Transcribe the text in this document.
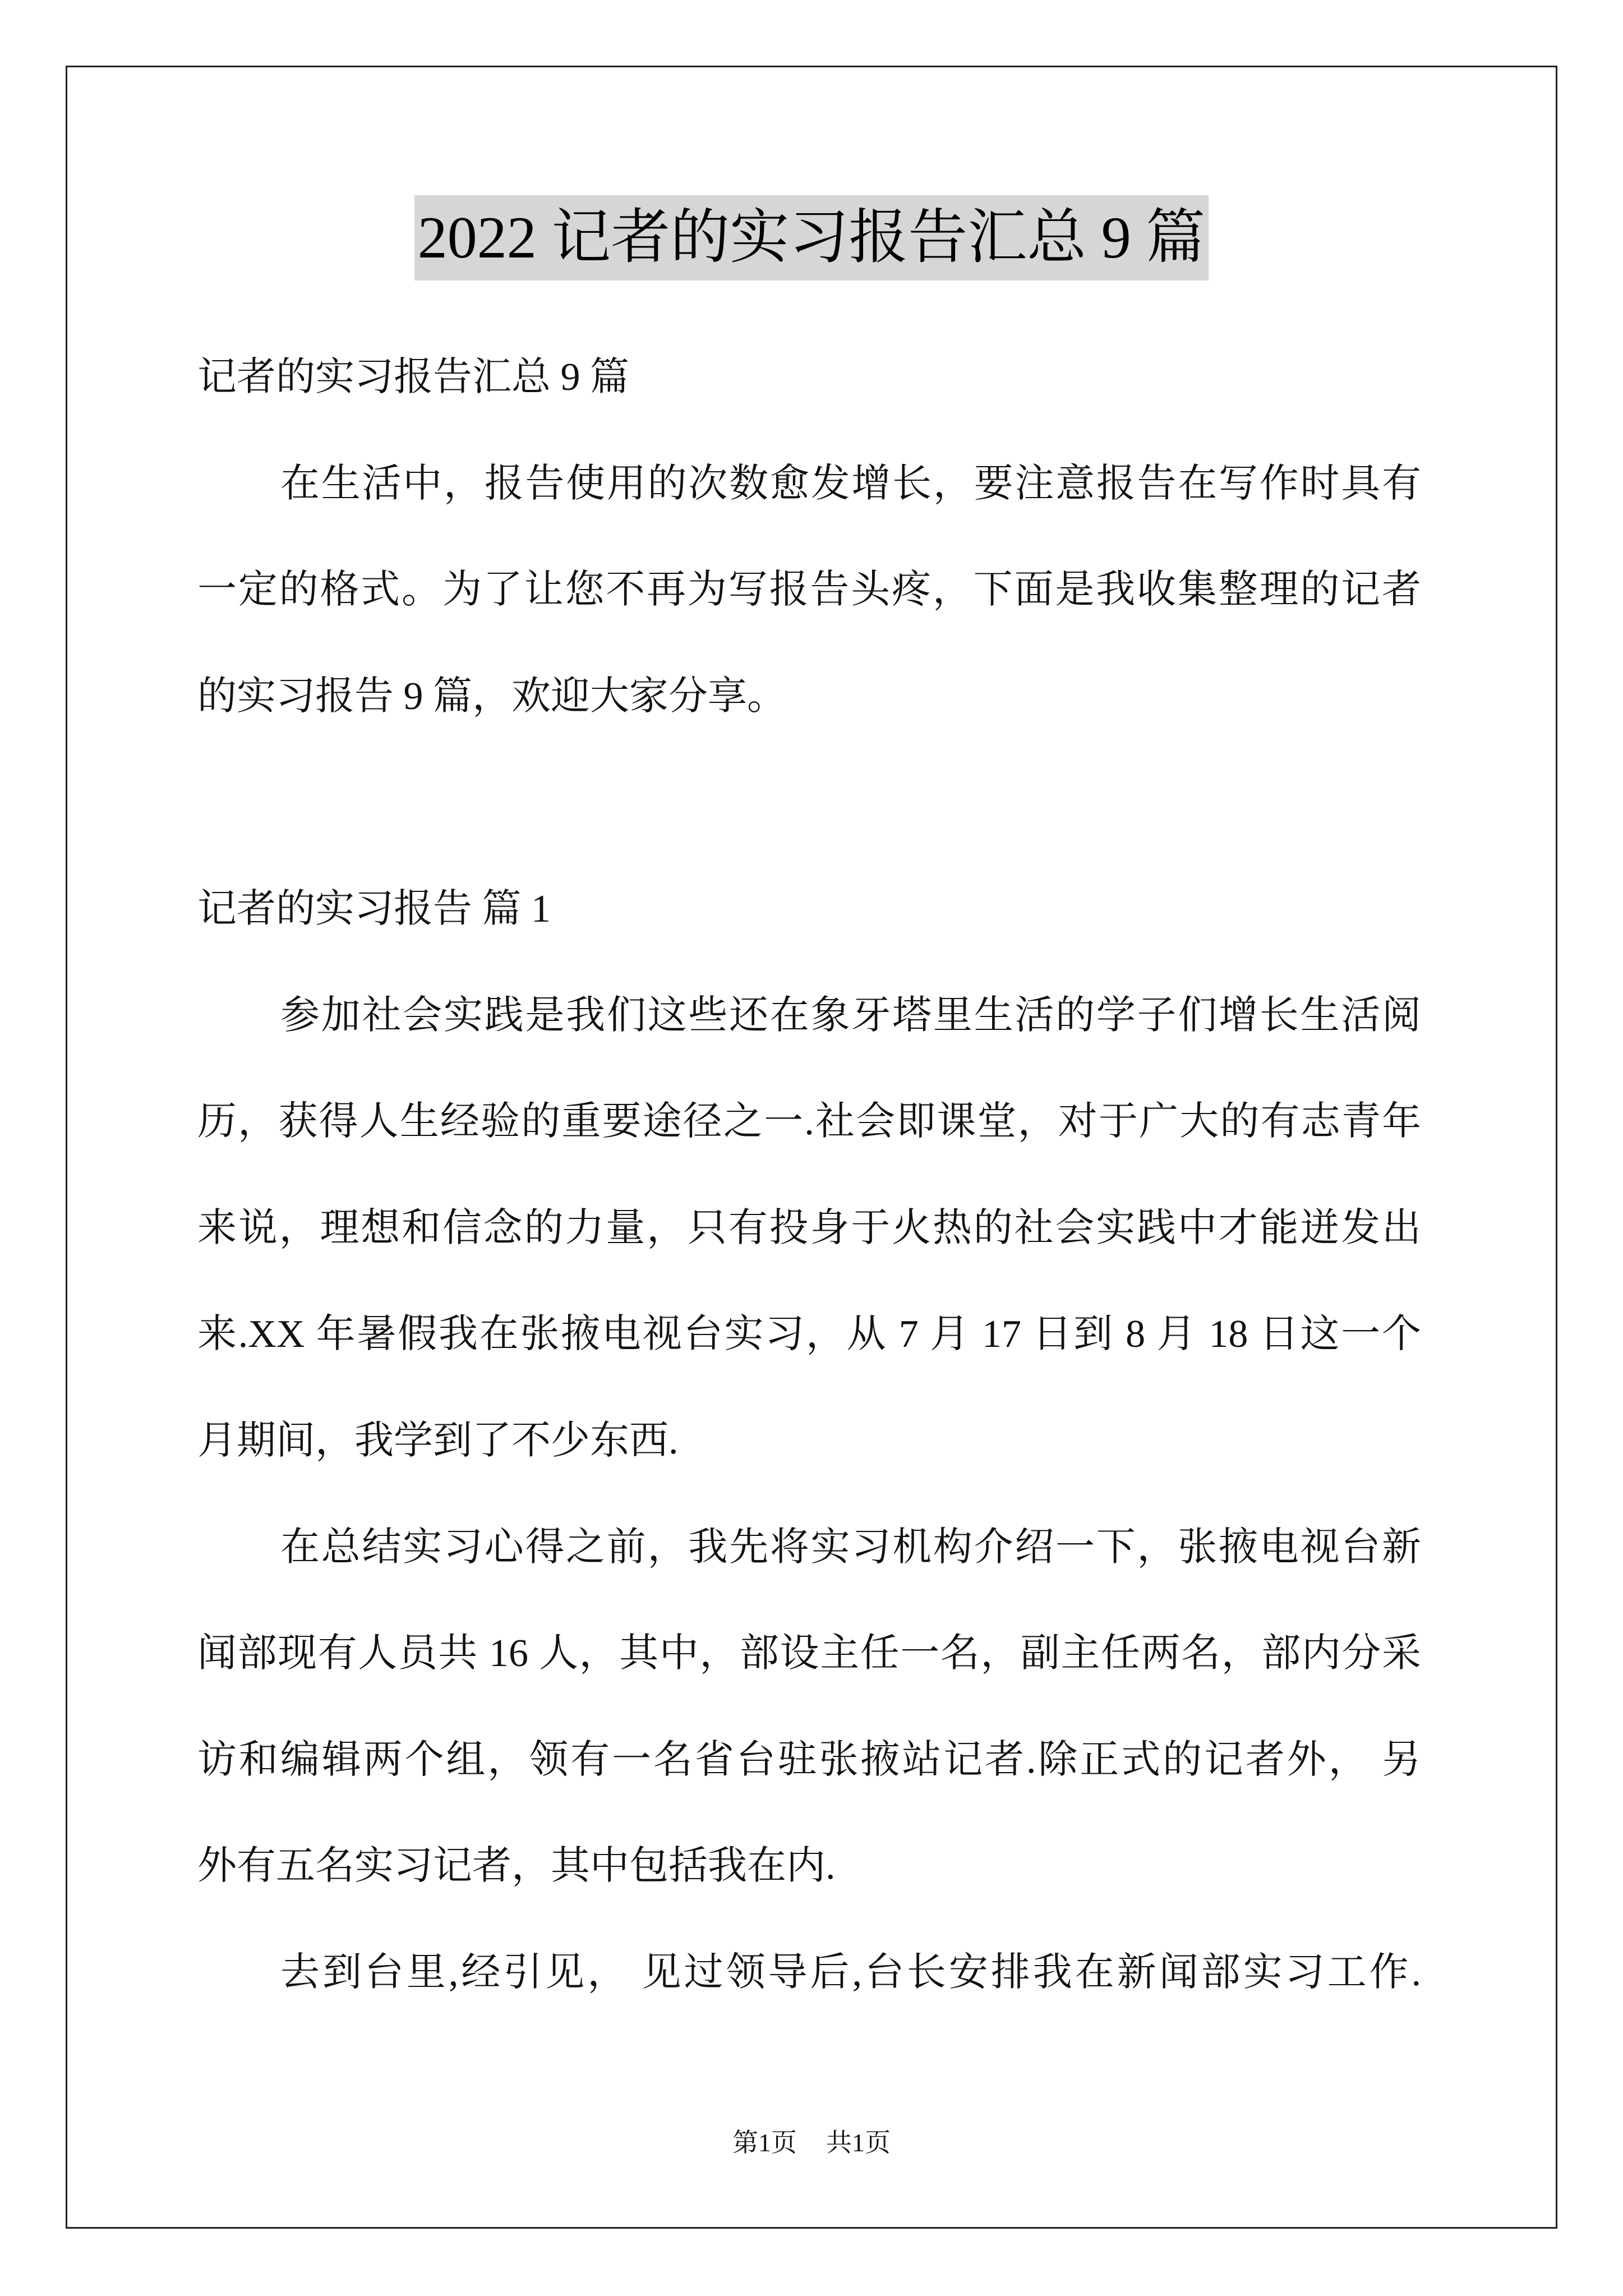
2022 记者的实习报告汇总 9 篇
记者的实习报告汇总 9 篇
在生活中，报告使用的次数愈发增长，要注意报告在写作时具有
一定的格式。为了让您不再为写报告头疼，下面是我收集整理的记者
的实习报告 9 篇，欢迎大家分享。
记者的实习报告 篇 1
参加社会实践是我们这些还在象牙塔里生活的学子们增长生活阅
历，获得人生经验的重要途径之一.社会即课堂，对于广大的有志青年
来说，理想和信念的力量，只有投身于火热的社会实践中才能迸发出
来.XX 年暑假我在张掖电视台实习，从 7 月 17 日到 8 月 18 日这一个
月期间，我学到了不少东西.
在总结实习心得之前，我先将实习机构介绍一下，张掖电视台新
闻部现有人员共 16 人，其中，部设主任一名，副主任两名，部内分采
访和编辑两个组，领有一名省台驻张掖站记者.除正式的记者外， 另
外有五名实习记者，其中包括我在内.
去到台里,经引见， 见过领导后,台长安排我在新闻部实习工作.
第1页 共1页
